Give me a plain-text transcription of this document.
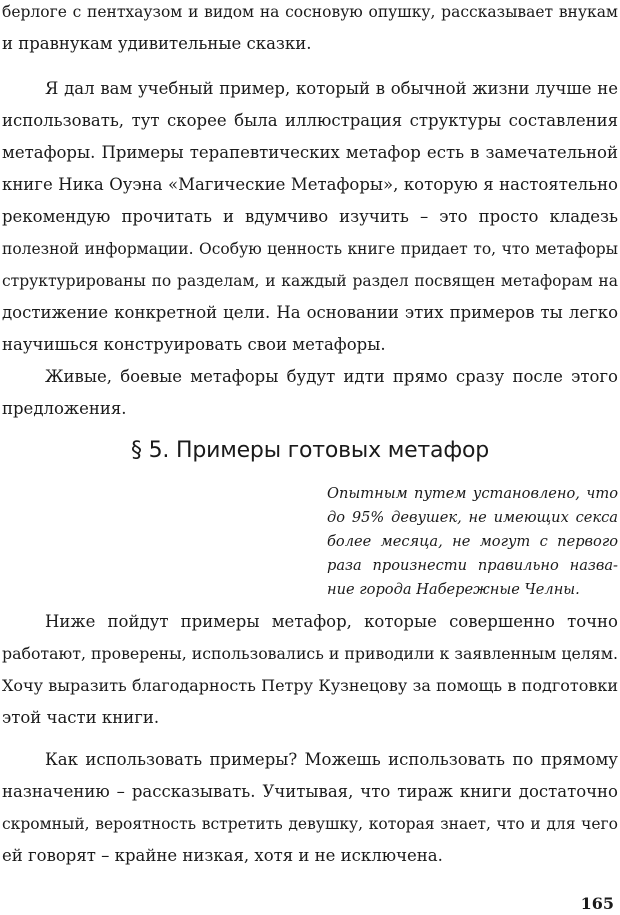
берлоге с пентхаузом и видом на сосновую опушку, рассказывает внукам
и правнукам удивительные сказки.
Я дал вам учебный пример, который в обычной жизни лучше не
использовать, тут скорее была иллюстрация структуры составления
метафоры. Примеры терапевтических метафор есть в замечательной
книге Ника Оуэна «Магические Метафоры», которую я настоятельно
рекомендую прочитать и вдумчиво изучить – это просто кладезь
полезной информации. Особую ценность книге придает то, что метафоры
структурированы по разделам, и каждый раздел посвящен метафорам на
достижение конкретной цели. На основании этих примеров ты легко
научишься конструировать свои метафоры.
Живые, боевые метафоры будут идти прямо сразу после этого
предложения.
§ 5. Примеры готовых метафор
Опытным путем установлено, что
до 95% девушек, не имеющих секса
более месяца, не могут с первого
раза произнести правильно назва-
ние города Набережные Челны.
Ниже пойдут примеры метафор, которые совершенно точно
работают, проверены, использовались и приводили к заявленным целям.
Хочу выразить благодарность Петру Кузнецову за помощь в подготовки
этой части книги.
Как использовать примеры? Можешь использовать по прямому
назначению – рассказывать. Учитывая, что тираж книги достаточно
скромный, вероятность встретить девушку, которая знает, что и для чего
ей говорят – крайне низкая, хотя и не исключена.
165
